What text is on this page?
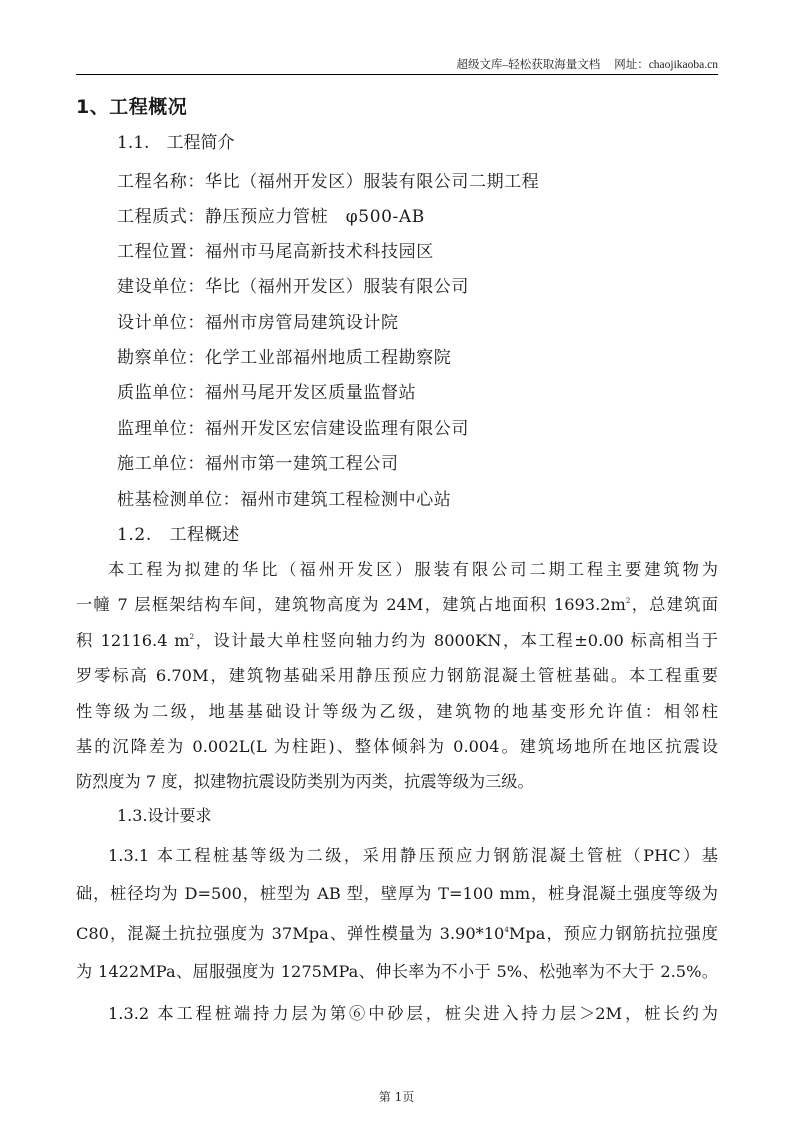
超级文库–轻松获取海量文档 网址：chaojikaoba.cn
1、工程概况
1.1.　工程简介
工程名称：华比（福州开发区）服装有限公司二期工程
工程质式：静压预应力管桩　φ500-AB
工程位置：福州市马尾高新技术科技园区
建设单位：华比（福州开发区）服装有限公司
设计单位：福州市房管局建筑设计院
勘察单位：化学工业部福州地质工程勘察院
质监单位：福州马尾开发区质量监督站
监理单位：福州开发区宏信建设监理有限公司
施工单位：福州市第一建筑工程公司
桩基检测单位：福州市建筑工程检测中心站
1.2.　工程概述
本工程为拟建的华比（福州开发区）服装有限公司二期工程主要建筑物为
一幢 7 层框架结构车间，建筑物高度为 24M，建筑占地面积 $1693.2m^2$，总建筑面
积 12116.4 $m^2$，设计最大单柱竖向轴力约为 8000KN，本工程±0.00 标高相当于
罗零标高 6.70M，建筑物基础采用静压预应力钢筋混凝土管桩基础。本工程重要
性等级为二级，地基基础设计等级为乙级，建筑物的地基变形允许值：相邻柱
基的沉降差为 0.002L(L 为柱距)、整体倾斜为 0.004。建筑场地所在地区抗震设
防烈度为 7 度，拟建物抗震设防类别为丙类，抗震等级为三级。
1.3.设计要求
1.3.1 本工程桩基等级为二级，采用静压预应力钢筋混凝土管桩（PHC）基
础，桩径均为 D=500，桩型为 AB 型，壁厚为 T=100 mm，桩身混凝土强度等级为
C80，混凝土抗拉强度为 37Mpa、弹性模量为 $3.90*10^4Mpa$，预应力钢筋抗拉强度
为 1422MPa、屈服强度为 1275MPa、伸长率为不小于 5%、松弛率为不大于 2.5%。
1.3.2 本工程桩端持力层为第⑥中砂层，桩尖进入持力层＞2M，桩长约为
第 1页
